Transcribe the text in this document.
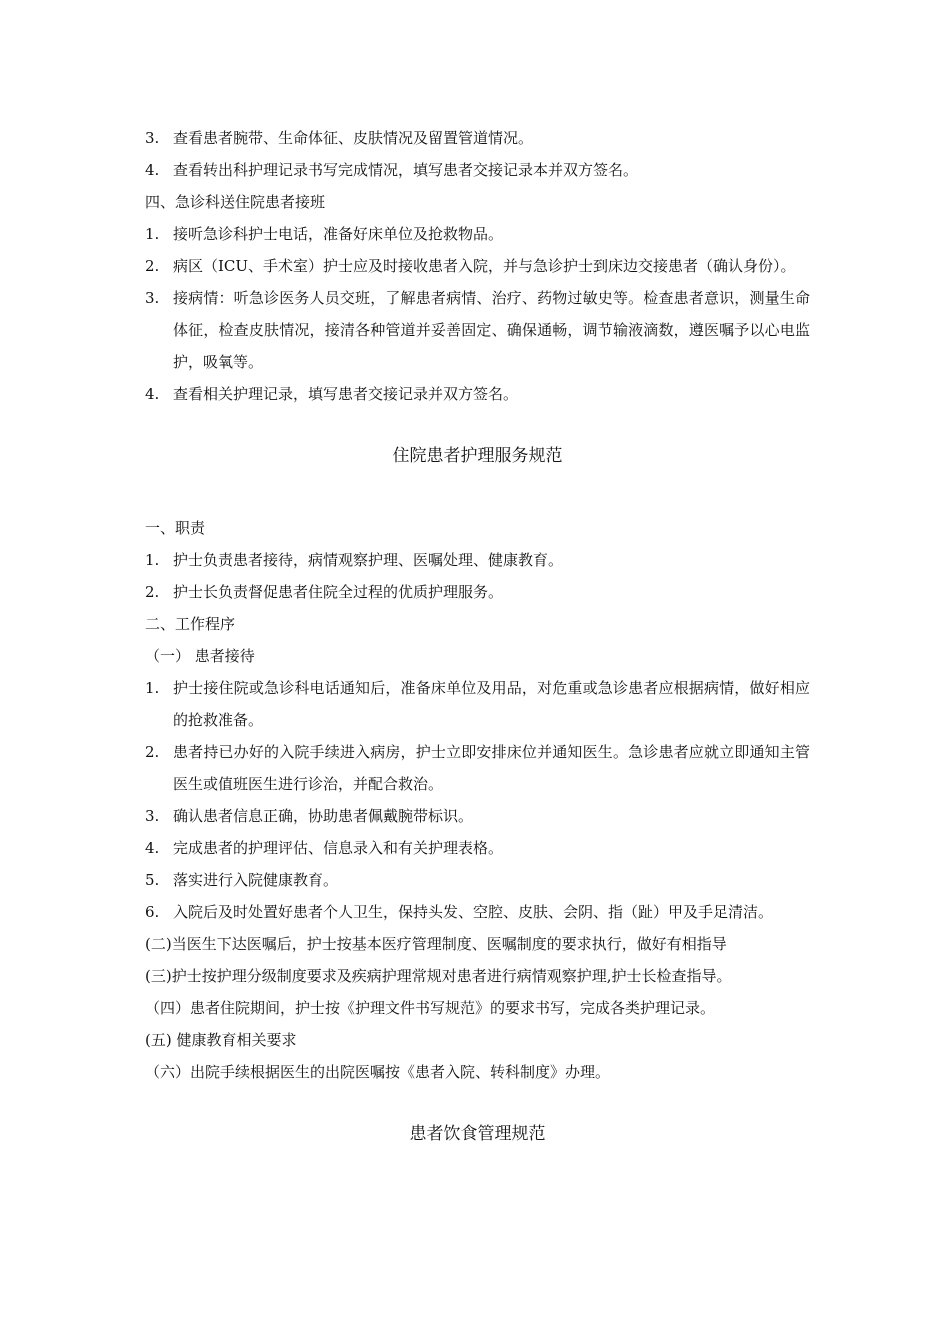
3. 查看患者腕带、生命体征、皮肤情况及留置管道情况。
4. 查看转出科护理记录书写完成情况，填写患者交接记录本并双方签名。

四、急诊科送住院患者接班

1. 接听急诊科护士电话，准备好床单位及抢救物品。
2. 病区（ICU、手术室）护士应及时接收患者入院，并与急诊护士到床边交接患者（确认身份）。
3. 接病情：听急诊医务人员交班，了解患者病情、治疗、药物过敏史等。检查患者意识，测量生命体征，检查皮肤情况，接清各种管道并妥善固定、确保通畅，调节输液滴数，遵医嘱予以心电监护，吸氧等。
4. 查看相关护理记录，填写患者交接记录并双方签名。

住院患者护理服务规范

一、职责

1. 护士负责患者接待，病情观察护理、医嘱处理、健康教育。
2. 护士长负责督促患者住院全过程的优质护理服务。

二、工作程序

（一） 患者接待

1. 护士接住院或急诊科电话通知后，准备床单位及用品，对危重或急诊患者应根据病情，做好相应的抢救准备。
2. 患者持已办好的入院手续进入病房，护士立即安排床位并通知医生。急诊患者应就立即通知主管医生或值班医生进行诊治，并配合救治。
3. 确认患者信息正确，协助患者佩戴腕带标识。
4. 完成患者的护理评估、信息录入和有关护理表格。
5. 落实进行入院健康教育。
6. 入院后及时处置好患者个人卫生，保持头发、空腔、皮肤、会阴、指（趾）甲及手足清洁。

(二)当医生下达医嘱后，护士按基本医疗管理制度、医嘱制度的要求执行，做好有相指导

(三)护士按护理分级制度要求及疾病护理常规对患者进行病情观察护理,护士长检查指导。

（四）患者住院期间，护士按《护理文件书写规范》的要求书写，完成各类护理记录。

(五) 健康教育相关要求

（六）出院手续根据医生的出院医嘱按《患者入院、转科制度》办理。

患者饮食管理规范
